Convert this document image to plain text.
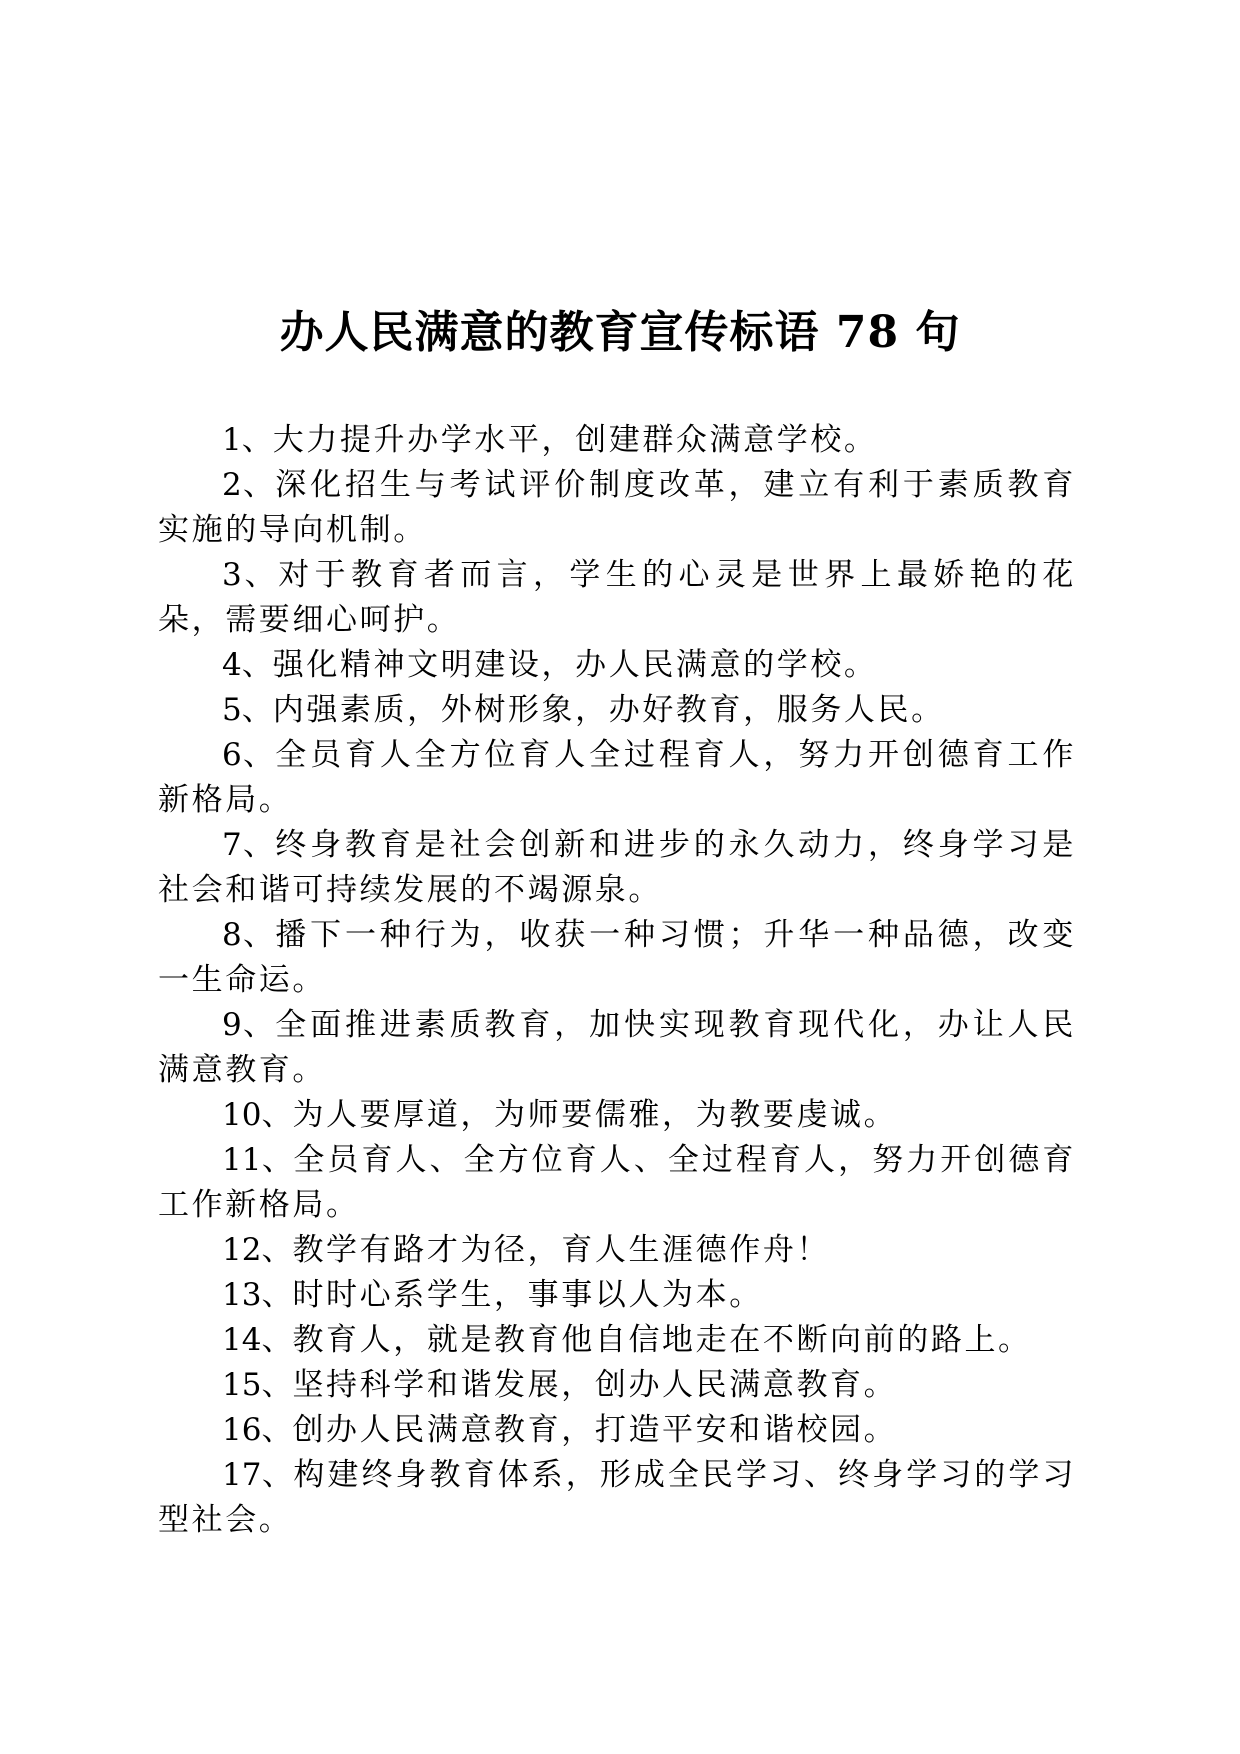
办人民满意的教育宣传标语 78 句
1、大力提升办学水平，创建群众满意学校。
2、深化招生与考试评价制度改革，建立有利于素质教育实施的导向机制。
3、对于教育者而言，学生的心灵是世界上最娇艳的花朵，需要细心呵护。
4、强化精神文明建设，办人民满意的学校。
5、内强素质，外树形象，办好教育，服务人民。
6、全员育人全方位育人全过程育人，努力开创德育工作新格局。
7、终身教育是社会创新和进步的永久动力，终身学习是社会和谐可持续发展的不竭源泉。
8、播下一种行为，收获一种习惯；升华一种品德，改变一生命运。
9、全面推进素质教育，加快实现教育现代化，办让人民满意教育。
10、为人要厚道，为师要儒雅，为教要虔诚。
11、全员育人、全方位育人、全过程育人，努力开创德育工作新格局。
12、教学有路才为径，育人生涯德作舟！
13、时时心系学生，事事以人为本。
14、教育人，就是教育他自信地走在不断向前的路上。
15、坚持科学和谐发展，创办人民满意教育。
16、创办人民满意教育，打造平安和谐校园。
17、构建终身教育体系，形成全民学习、终身学习的学习型社会。
